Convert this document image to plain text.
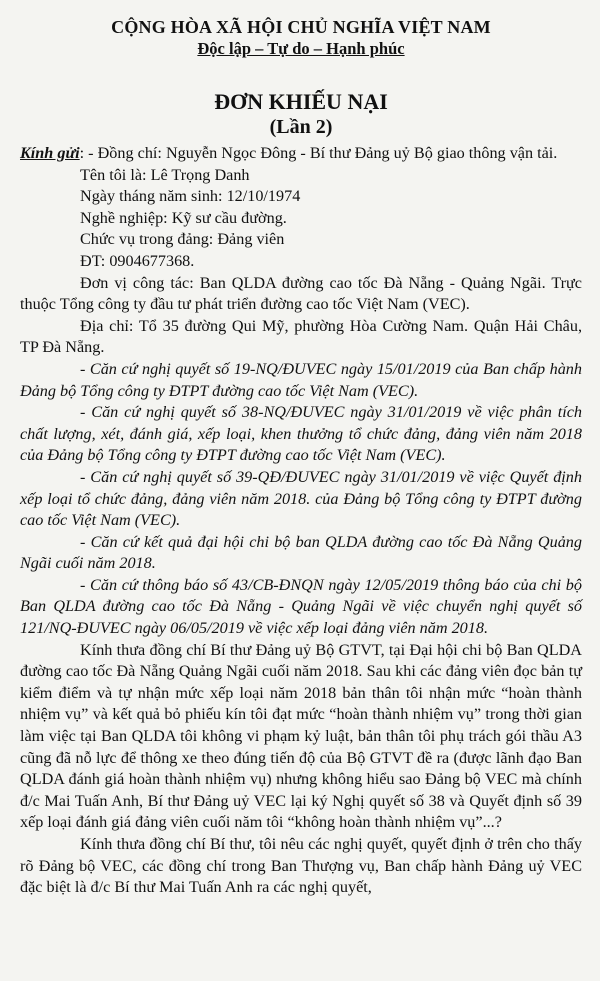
CỘNG HÒA XÃ HỘI CHỦ NGHĨA VIỆT NAM
Độc lập – Tự do – Hạnh phúc
ĐƠN KHIẾU NẠI
(Lần 2)

Kính gửi: - Đồng chí: Nguyễn Ngọc Đông - Bí thư Đảng uỷ Bộ giao thông vận tải.

Tên tôi là: Lê Trọng Danh

Ngày tháng năm sinh: 12/10/1974

Nghề nghiệp: Kỹ sư cầu đường.

Chức vụ trong đảng: Đảng viên

ĐT: 0904677368.

Đơn vị công tác: Ban QLDA đường cao tốc Đà Nẵng - Quảng Ngãi. Trực thuộc Tổng công ty đầu tư phát triển đường cao tốc Việt Nam (VEC).

Địa chỉ: Tổ 35 đường Qui Mỹ, phường Hòa Cường Nam. Quận Hải Châu, TP Đà Nẵng.

- Căn cứ nghị quyết số 19-NQ/ĐUVEC ngày 15/01/2019 của Ban chấp hành Đảng bộ Tổng công ty ĐTPT đường cao tốc Việt Nam (VEC).

- Căn cứ nghị quyết số 38-NQ/ĐUVEC ngày 31/01/2019 về việc phân tích chất lượng, xét, đánh giá, xếp loại, khen thưởng tổ chức đảng, đảng viên năm 2018 của Đảng bộ Tổng công ty ĐTPT đường cao tốc Việt Nam (VEC).

- Căn cứ nghị quyết số 39-QĐ/ĐUVEC ngày 31/01/2019 về việc Quyết định xếp loại tổ chức đảng, đảng viên năm 2018. của Đảng bộ Tổng công ty ĐTPT đường cao tốc Việt Nam (VEC).

- Căn cứ kết quả đại hội chi bộ ban QLDA đường cao tốc Đà Nẵng Quảng Ngãi cuối năm 2018.

- Căn cứ thông báo số 43/CB-ĐNQN ngày 12/05/2019 thông báo của chi bộ Ban QLDA đường cao tốc Đà Nẵng - Quảng Ngãi về việc chuyển nghị quyết số 121/NQ-ĐUVEC ngày 06/05/2019 về việc xếp loại đảng viên năm 2018.

Kính thưa đồng chí Bí thư Đảng uỷ Bộ GTVT, tại Đại hội chi bộ Ban QLDA đường cao tốc Đà Nẵng Quảng Ngãi cuối năm 2018. Sau khi các đảng viên đọc bản tự kiểm điểm và tự nhận mức xếp loại năm 2018 bản thân tôi nhận mức “hoàn thành nhiệm vụ” và kết quả bỏ phiếu kín tôi đạt mức “hoàn thành nhiệm vụ” trong thời gian làm việc tại Ban QLDA tôi không vi phạm kỷ luật, bản thân tôi phụ trách gói thầu A3 cũng đã nỗ lực để thông xe theo đúng tiến độ của Bộ GTVT đề ra (được lãnh đạo Ban QLDA đánh giá hoàn thành nhiệm vụ) nhưng không hiểu sao Đảng bộ VEC mà chính đ/c Mai Tuấn Anh, Bí thư Đảng uỷ VEC lại ký Nghị quyết số 38 và Quyết định số 39 xếp loại đánh giá đảng viên cuối năm tôi “không hoàn thành nhiệm vụ”...?

Kính thưa đồng chí Bí thư, tôi nêu các nghị quyết, quyết định ở trên cho thấy rõ Đảng bộ VEC, các đồng chí trong Ban Thượng vụ, Ban chấp hành Đảng uỷ VEC đặc biệt là đ/c Bí thư Mai Tuấn Anh ra các nghị quyết,
